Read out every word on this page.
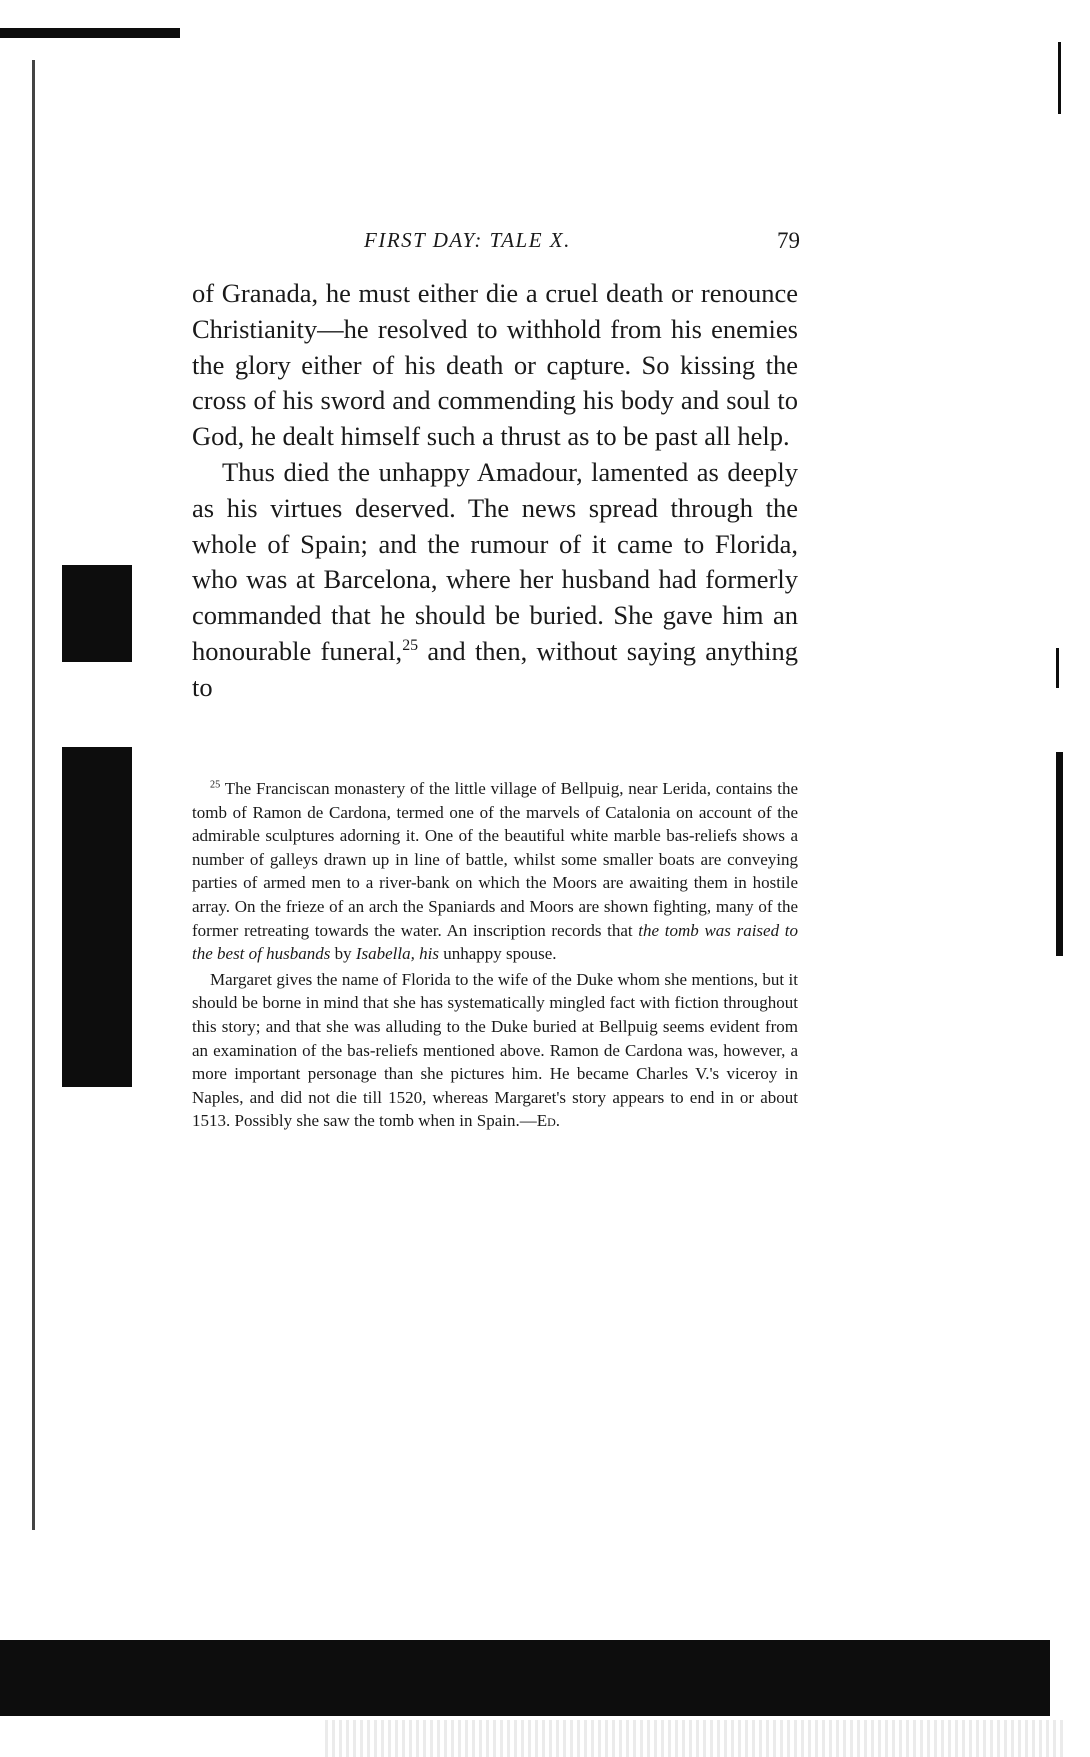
FIRST DAY: TALE X.	79

of Granada, he must either die a cruel death or renounce Christianity—he resolved to withhold from his enemies the glory either of his death or capture. So kissing the cross of his sword and commending his body and soul to God, he dealt himself such a thrust as to be past all help.

Thus died the unhappy Amadour, lamented as deeply as his virtues deserved. The news spread through the whole of Spain; and the rumour of it came to Florida, who was at Barcelona, where her husband had formerly commanded that he should be buried. She gave him an honourable funeral,$^{25}$ and then, without saying anything to

$^{25}$ The Franciscan monastery of the little village of Bellpuig, near Lerida, contains the tomb of Ramon de Cardona, termed one of the marvels of Catalonia on account of the admirable sculptures adorning it. One of the beautiful white marble bas-reliefs shows a number of galleys drawn up in line of battle, whilst some smaller boats are conveying parties of armed men to a river-bank on which the Moors are awaiting them in hostile array. On the frieze of an arch the Spaniards and Moors are shown fighting, many of the former retreating towards the water. An inscription records that the tomb was raised to the best of husbands by Isabella, his unhappy spouse.

Margaret gives the name of Florida to the wife of the Duke whom she mentions, but it should be borne in mind that she has systematically mingled fact with fiction throughout this story; and that she was alluding to the Duke buried at Bellpuig seems evident from an examination of the bas-reliefs mentioned above. Ramon de Cardona was, however, a more important personage than she pictures him. He became Charles V.'s viceroy in Naples, and did not die till 1520, whereas Margaret's story appears to end in or about 1513. Possibly she saw the tomb when in Spain.—Ed.
